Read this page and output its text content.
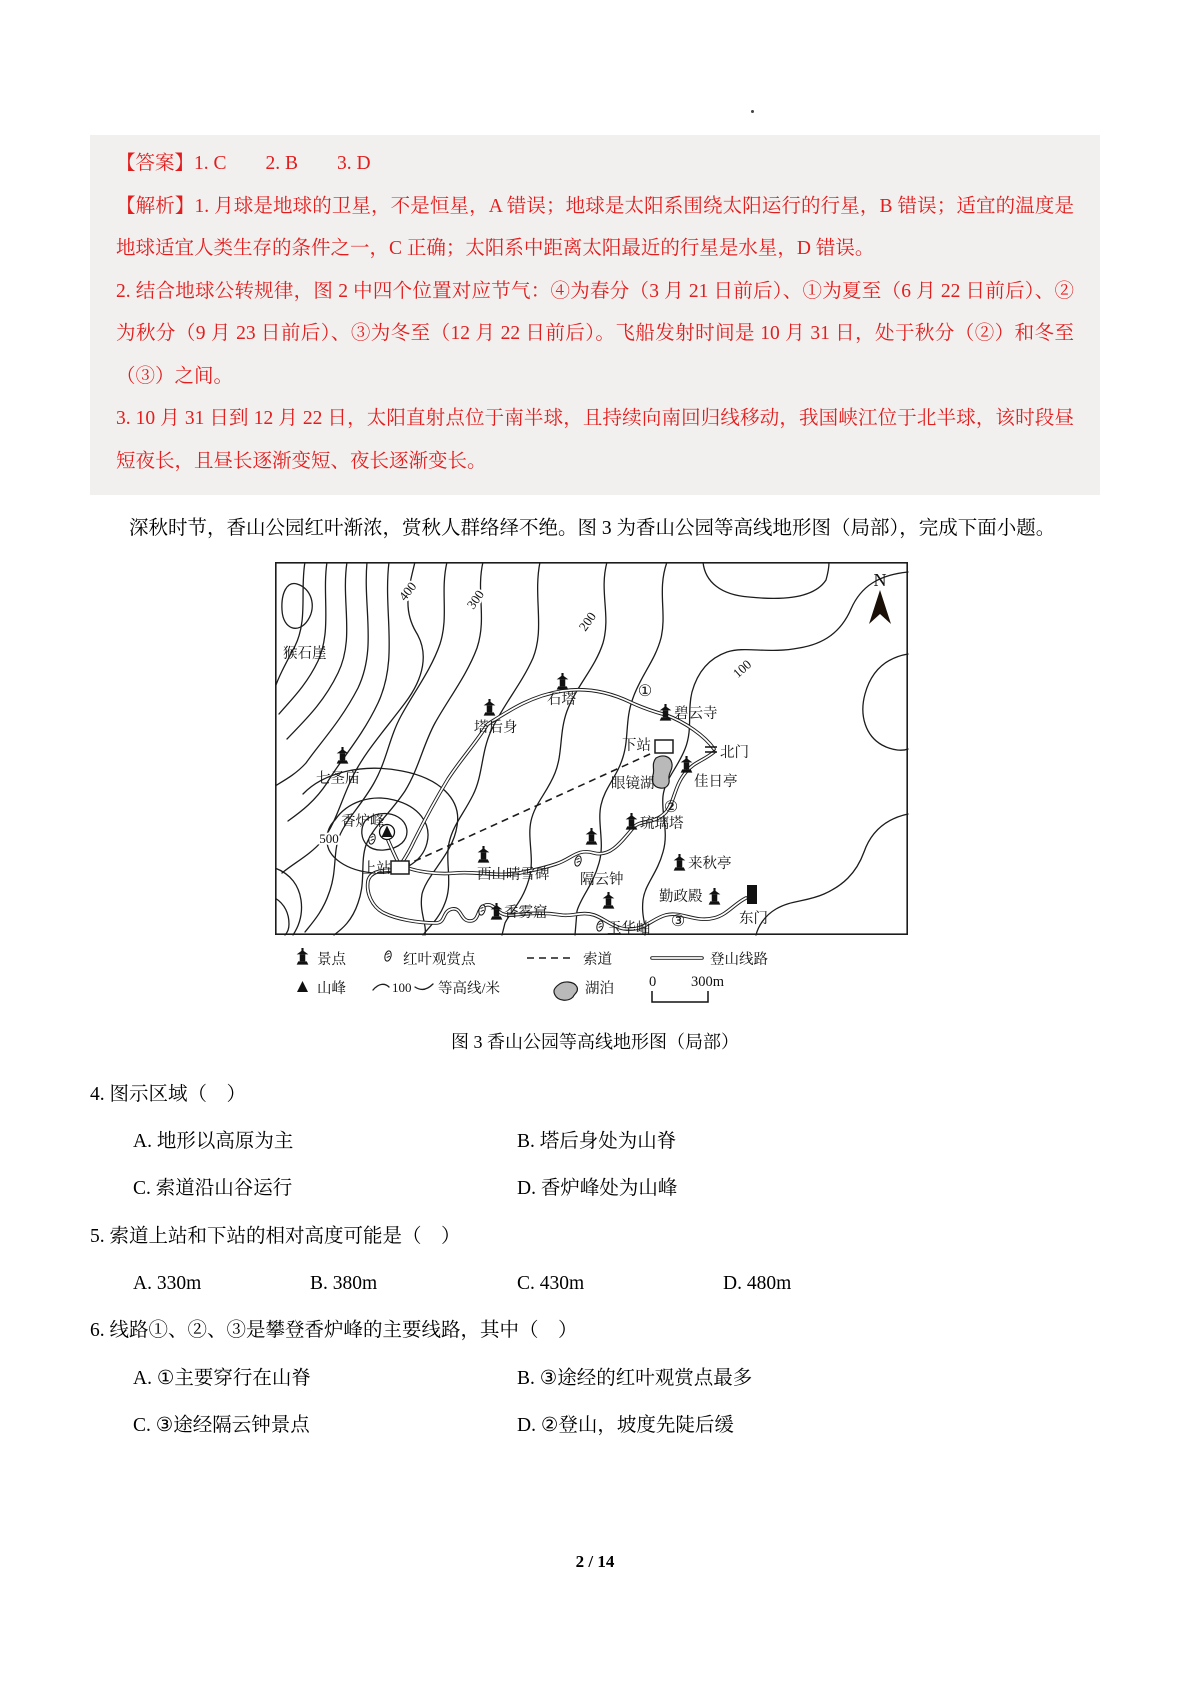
【答案】1. C　　2. B　　3. D

【解析】1. 月球是地球的卫星，不是恒星，A 错误；地球是太阳系围绕太阳运行的行星，B 错误；适宜的温度是地球适宜人类生存的条件之一，C 正确；太阳系中距离太阳最近的行星是水星，D 错误。

2. 结合地球公转规律，图 2 中四个位置对应节气：④为春分（3 月 21 日前后）、①为夏至（6 月 22 日前后）、②为秋分（9 月 23 日前后）、③为冬至（12 月 22 日前后）。飞船发射时间是 10 月 31 日，处于秋分（②）和冬至（③）之间。

3. 10 月 31 日到 12 月 22 日，太阳直射点位于南半球，且持续向南回归线移动，我国峡江位于北半球，该时段昼短夜长，且昼长逐渐变短、夜长逐渐变长。

深秋时节，香山公园红叶渐浓，赏秋人群络绎不绝。图 3 为香山公园等高线地形图（局部），完成下面小题。

400	300
200
100
500
猴石崖
石塔
碧云寺
塔后身
下站	北门
眼镜湖	佳日亭
七圣庙
琉璃塔
香炉峰
上站	西山晴雪碑 隔云钟
来秋亭
勤政殿
东门
香雾窟
玉华岫
①
②
③
N
景点	红叶观赏点	索道	登山线路
山峰	100 等高线/米	湖泊 0 300m
图 3 香山公园等高线地形图（局部）

4. 图示区域（　）

A. 地形以高原为主	B. 塔后身处为山脊
C. 索道沿山谷运行	D. 香炉峰处为山峰

5. 索道上站和下站的相对高度可能是（　）

A. 330m	B. 380m	C. 430m	D. 480m

6. 线路①、②、③是攀登香炉峰的主要线路，其中（　）

A. ①主要穿行在山脊	B. ③途经的红叶观赏点最多
C. ③途经隔云钟景点	D. ②登山，坡度先陡后缓
2 / 14
